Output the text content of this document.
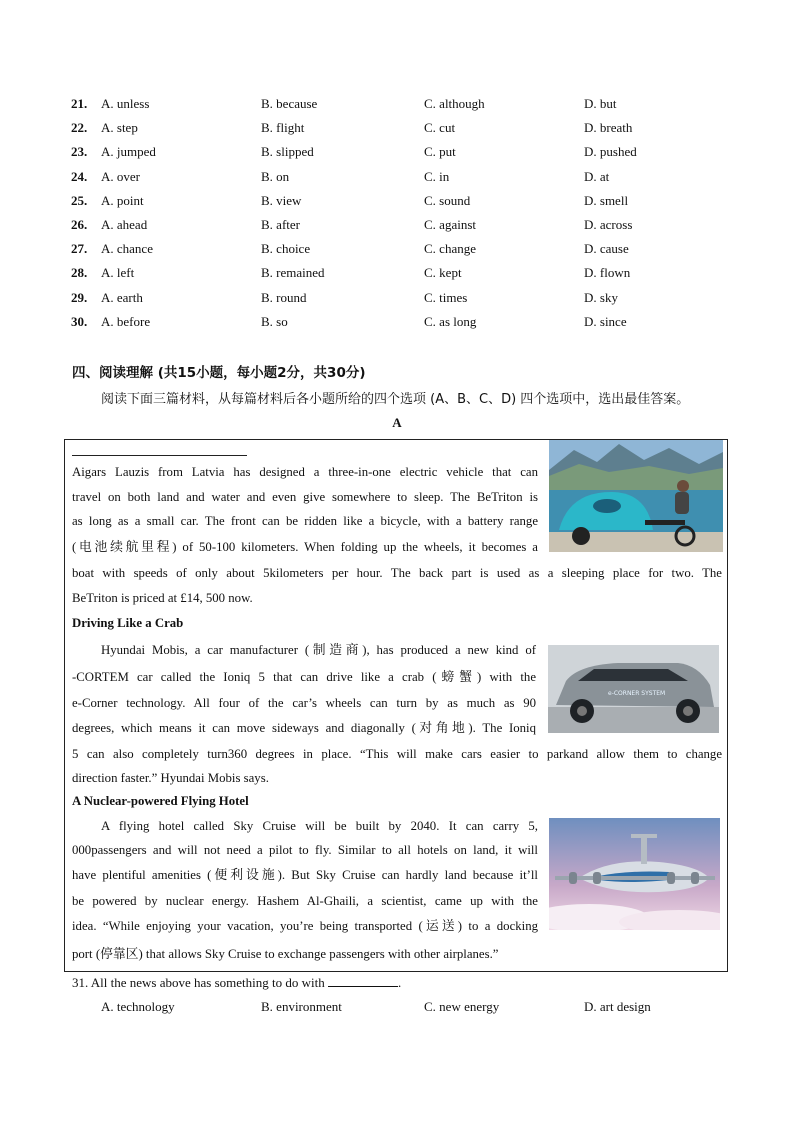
21. A. unless	B. because	C. although	D. but
22. A. step	B. flight	C. cut	D. breath
23. A. jumped	B. slipped	C. put	D. pushed
24. A. over	B. on	C. in	D. at
25. A. point	B. view	C. sound	D. smell
26. A. ahead	B. after	C. against	D. across
27. A. chance	B. choice	C. change	D. cause
28. A. left	B. remained	C. kept	D. flown
29. A. earth	B. round	C. times	D. sky
30. A. before	B. so	C. as long	D. since
四、阅读理解 (共15小题，每小题2分，共30分)
阅读下面三篇材料，从每篇材料后各小题所给的四个选项 (A、B、C、D) 四个选项中，选出最佳答案。
A
Aigars Lauzis from Latvia has designed a three-in-one electric vehicle that can
travel on both land and water and even give somewhere to sleep. The BeTriton is
as long as a small car. The front can be ridden like a bicycle, with a battery range
(电池续航里程) of 50-100 kilometers. When folding up the wheels, it becomes a
boat with speeds of only about 5kilometers per hour. The back part is used as a sleeping place for two. The
BeTriton is priced at £14, 500 now.
Driving Like a Crab
e-CORNER SYSTEM
Hyundai Mobis, a car manufacturer (制造商), has produced a new kind of
-CORTEM car called the Ioniq 5 that can drive like a crab (螃蟹) with the
e-Corner technology. All four of the car’s wheels can turn by as much as 90
degrees, which means it can move sideways and diagonally (对角地). The Ioniq
5 can also completely turn360 degrees in place. “This will make cars easier to parkand allow them to change
direction faster.” Hyundai Mobis says.
A Nuclear-powered Flying Hotel
A flying hotel called Sky Cruise will be built by 2040. It can carry 5,
000passengers and will not need a pilot to fly. Similar to all hotels on land, it will
have plentiful amenities (便利设施). But Sky Cruise can hardly land because it’ll
be powered by nuclear energy. Hashem Al-Ghaili, a scientist, came up with the
idea. “While enjoying your vacation, you’re being transported (运送) to a docking
port (停靠区) that allows Sky Cruise to exchange passengers with other airplanes.”
31. All the news above has something to do with	.
A. technology	B. environment	C. new energy	D. art design
